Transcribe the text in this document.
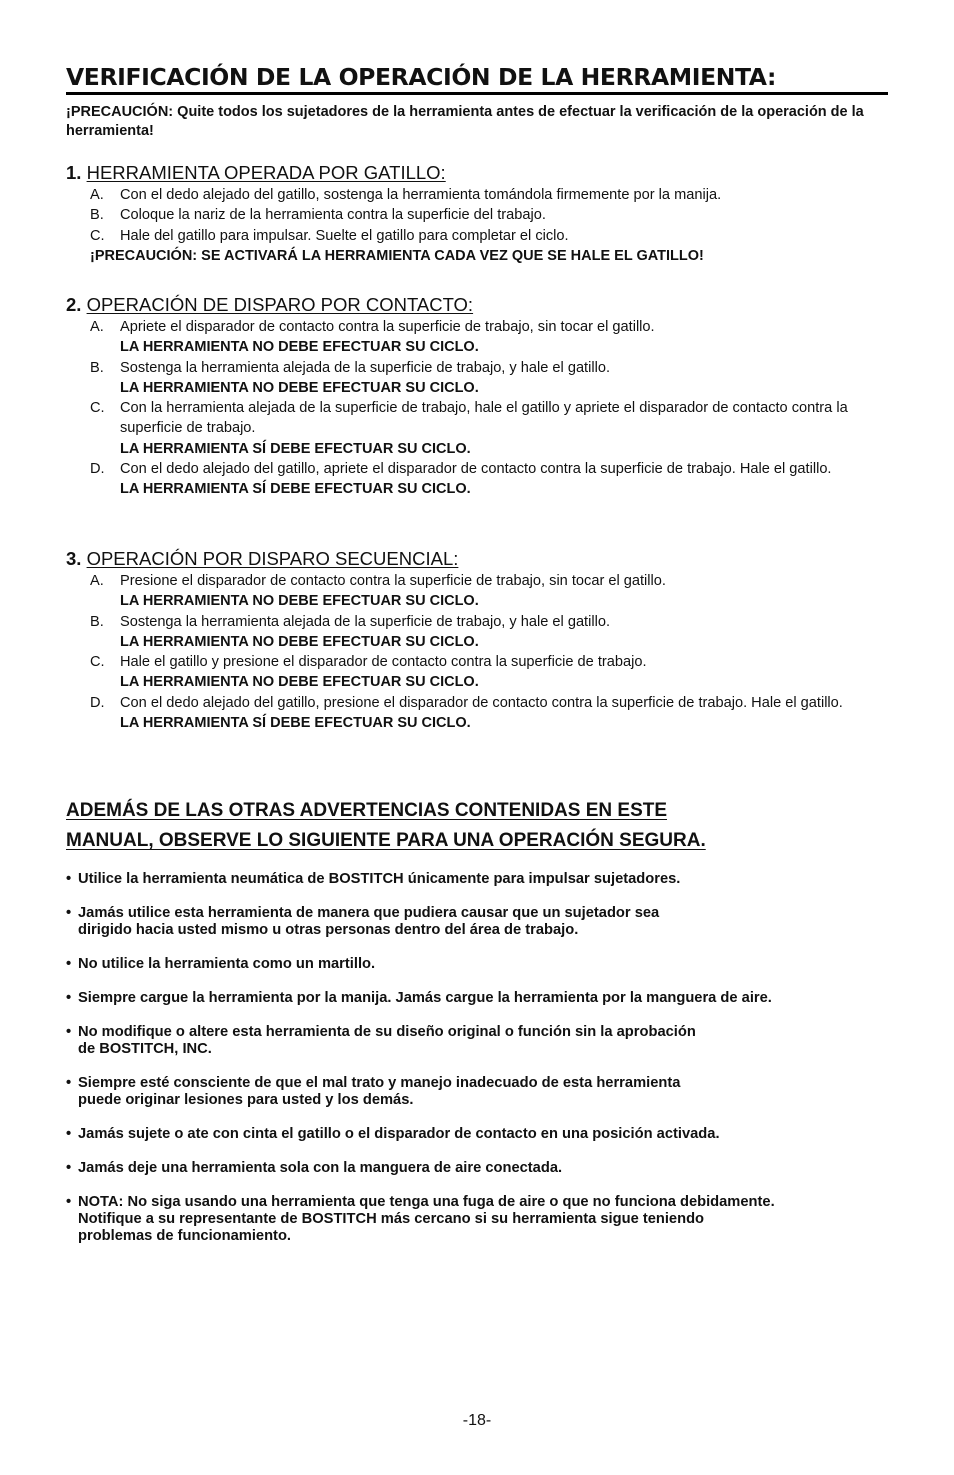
VERIFICACIÓN DE LA OPERACIÓN DE LA HERRAMIENTA:
¡PRECAUCIÓN: Quite todos los sujetadores de la herramienta antes de efectuar la verificación de la operación de la herramienta!
1. HERRAMIENTA OPERADA POR GATILLO:
A. Con el dedo alejado del gatillo, sostenga la herramienta tomándola firmemente por la manija.
B. Coloque la nariz de la herramienta contra la superficie del trabajo.
C. Hale del gatillo para impulsar. Suelte el gatillo para completar el ciclo.
¡PRECAUCIÓN: SE ACTIVARÁ LA HERRAMIENTA CADA VEZ QUE SE HALE EL GATILLO!
2. OPERACIÓN DE DISPARO POR CONTACTO:
A. Apriete el disparador de contacto contra la superficie de trabajo, sin tocar el gatillo.
LA HERRAMIENTA NO DEBE EFECTUAR SU CICLO.
B. Sostenga la herramienta alejada de la superficie de trabajo, y hale el gatillo.
LA HERRAMIENTA NO DEBE EFECTUAR SU CICLO.
C. Con la herramienta alejada de la superficie de trabajo, hale el gatillo y apriete el disparador de contacto contra la superficie de trabajo.
LA HERRAMIENTA SÍ DEBE EFECTUAR SU CICLO.
D. Con el dedo alejado del gatillo, apriete el disparador de contacto contra la superficie de trabajo. Hale el gatillo.
LA HERRAMIENTA SÍ DEBE EFECTUAR SU CICLO.
3. OPERACIÓN POR DISPARO SECUENCIAL:
A. Presione el disparador de contacto contra la superficie de trabajo, sin tocar el gatillo.
LA HERRAMIENTA NO DEBE EFECTUAR SU CICLO.
B. Sostenga la herramienta alejada de la superficie de trabajo, y hale el gatillo.
LA HERRAMIENTA NO DEBE EFECTUAR SU CICLO.
C. Hale el gatillo y presione el disparador de contacto contra la superficie de trabajo.
LA HERRAMIENTA NO DEBE EFECTUAR SU CICLO.
D. Con el dedo alejado del gatillo, presione el disparador de contacto contra la superficie de trabajo. Hale el gatillo.
LA HERRAMIENTA SÍ DEBE EFECTUAR SU CICLO.
ADEMÁS DE LAS OTRAS ADVERTENCIAS CONTENIDAS EN ESTE
MANUAL, OBSERVE LO SIGUIENTE PARA UNA OPERACIÓN SEGURA.
• Utilice la herramienta neumática de BOSTITCH únicamente para impulsar sujetadores.
• Jamás utilice esta herramienta de manera que pudiera causar que un sujetador sea
dirigido hacia usted mismo u otras personas dentro del área de trabajo.
• No utilice la herramienta como un martillo.
• Siempre cargue la herramienta por la manija. Jamás cargue la herramienta por la manguera de aire.
• No modifique o altere esta herramienta de su diseño original o función sin la aprobación
de BOSTITCH, INC.
• Siempre esté consciente de que el mal trato y manejo inadecuado de esta herramienta
puede originar lesiones para usted y los demás.
• Jamás sujete o ate con cinta el gatillo o el disparador de contacto en una posición activada.
• Jamás deje una herramienta sola con la manguera de aire conectada.
• NOTA: No siga usando una herramienta que tenga una fuga de aire o que no funciona debidamente.
Notifique a su representante de BOSTITCH más cercano si su herramienta sigue teniendo
problemas de funcionamiento.
-18-
